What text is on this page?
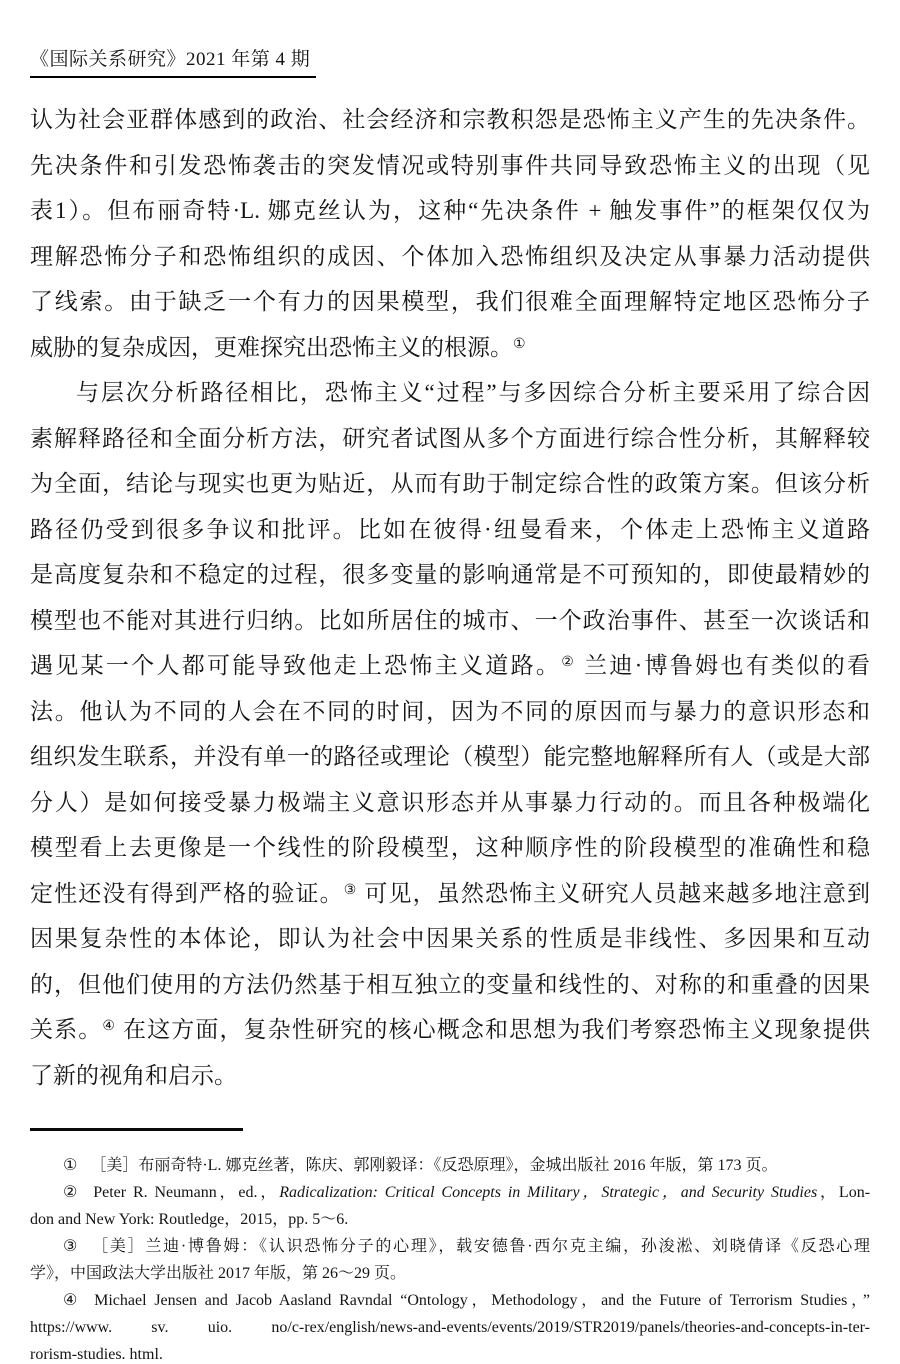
《国际关系研究》2021 年第 4 期
认为社会亚群体感到的政治、社会经济和宗教积怨是恐怖主义产生的先决条件。
先决条件和引发恐怖袭击的突发情况或特别事件共同导致恐怖主义的出现（见
表1）。但布丽奇特·L. 娜克丝认为，这种“先决条件 + 触发事件”的框架仅仅为
理解恐怖分子和恐怖组织的成因、个体加入恐怖组织及决定从事暴力活动提供
了线索。由于缺乏一个有力的因果模型，我们很难全面理解特定地区恐怖分子
威胁的复杂成因，更难探究出恐怖主义的根源。①
与层次分析路径相比，恐怖主义“过程”与多因综合分析主要采用了综合因
素解释路径和全面分析方法，研究者试图从多个方面进行综合性分析，其解释较
为全面，结论与现实也更为贴近，从而有助于制定综合性的政策方案。但该分析
路径仍受到很多争议和批评。比如在彼得·纽曼看来，个体走上恐怖主义道路
是高度复杂和不稳定的过程，很多变量的影响通常是不可预知的，即使最精妙的
模型也不能对其进行归纳。比如所居住的城市、一个政治事件、甚至一次谈话和
遇见某一个人都可能导致他走上恐怖主义道路。② 兰迪·博鲁姆也有类似的看
法。他认为不同的人会在不同的时间，因为不同的原因而与暴力的意识形态和
组织发生联系，并没有单一的路径或理论（模型）能完整地解释所有人（或是大部
分人）是如何接受暴力极端主义意识形态并从事暴力行动的。而且各种极端化
模型看上去更像是一个线性的阶段模型，这种顺序性的阶段模型的准确性和稳
定性还没有得到严格的验证。③ 可见，虽然恐怖主义研究人员越来越多地注意到
因果复杂性的本体论，即认为社会中因果关系的性质是非线性、多因果和互动
的，但他们使用的方法仍然基于相互独立的变量和线性的、对称的和重叠的因果
关系。④ 在这方面，复杂性研究的核心概念和思想为我们考察恐怖主义现象提供
了新的视角和启示。
① ［美］布丽奇特·L. 娜克丝著，陈庆、郭刚毅译：《反恐原理》，金城出版社 2016 年版，第 173 页。
② Peter R. Neumann，ed.，Radicalization: Critical Concepts in Military，Strategic，and Security Studies，Lon-
don and New York: Routledge，2015，pp. 5～6.
③ ［美］兰迪·博鲁姆：《认识恐怖分子的心理》，载安德鲁·西尔克主编，孙浚淞、刘晓倩译《反恐心理
学》，中国政法大学出版社 2017 年版，第 26～29 页。
④ Michael Jensen and Jacob Aasland Ravndal “Ontology，Methodology，and the Future of Terrorism Studies，”
https://www. sv. uio. no/c-rex/english/news-and-events/events/2019/STR2019/panels/theories-and-concepts-in-ter-
rorism-studies. html.
